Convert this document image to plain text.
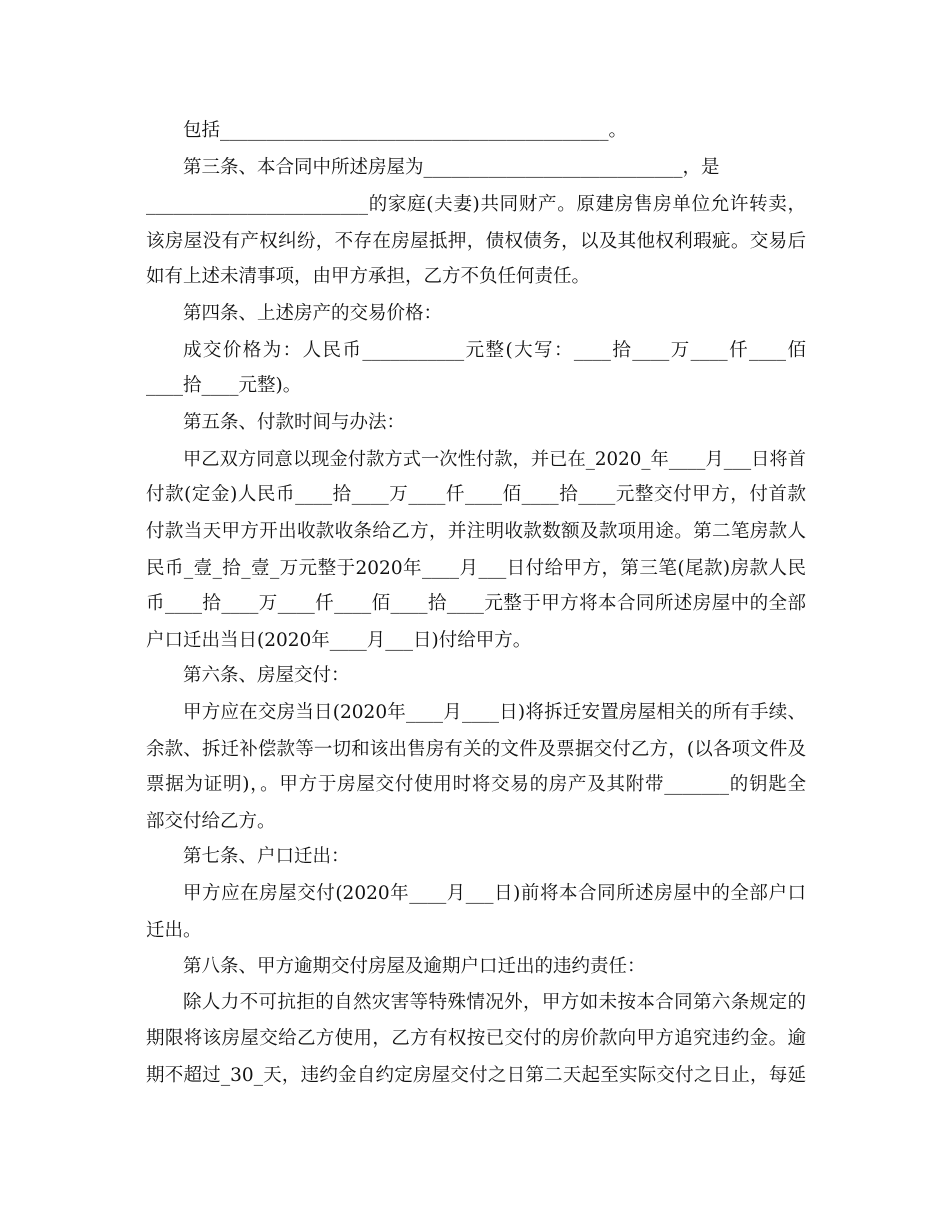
包括__________________________________________。
第三条、本合同中所述房屋为____________________________，是
________________________的家庭(夫妻)共同财产。原建房售房单位允许转卖，
该房屋没有产权纠纷，不存在房屋抵押，债权债务，以及其他权利瑕疵。交易后
如有上述未清事项，由甲方承担，乙方不负任何责任。
第四条、上述房产的交易价格：
成交价格为：人民币___________元整(大写：____拾____万____仟____佰
____拾____元整)。
第五条、付款时间与办法：
甲乙双方同意以现金付款方式一次性付款，并已在_2020_年____月___日将首
付款(定金)人民币____拾____万____仟____佰____拾____元整交付甲方，付首款
付款当天甲方开出收款收条给乙方，并注明收款数额及款项用途。第二笔房款人
民币_壹_拾_壹_万元整于2020年____月___日付给甲方，第三笔(尾款)房款人民
币____拾____万____仟____佰____拾____元整于甲方将本合同所述房屋中的全部
户口迁出当日(2020年____月___日)付给甲方。
第六条、房屋交付：
甲方应在交房当日(2020年____月____日)将拆迁安置房屋相关的所有手续、
余款、拆迁补偿款等一切和该出售房有关的文件及票据交付乙方，(以各项文件及
票据为证明)，。甲方于房屋交付使用时将交易的房产及其附带_______的钥匙全
部交付给乙方。
第七条、户口迁出：
甲方应在房屋交付(2020年____月___日)前将本合同所述房屋中的全部户口
迁出。
第八条、甲方逾期交付房屋及逾期户口迁出的违约责任：
除人力不可抗拒的自然灾害等特殊情况外，甲方如未按本合同第六条规定的
期限将该房屋交给乙方使用，乙方有权按已交付的房价款向甲方追究违约金。逾
期不超过_30_天，违约金自约定房屋交付之日第二天起至实际交付之日止，每延
